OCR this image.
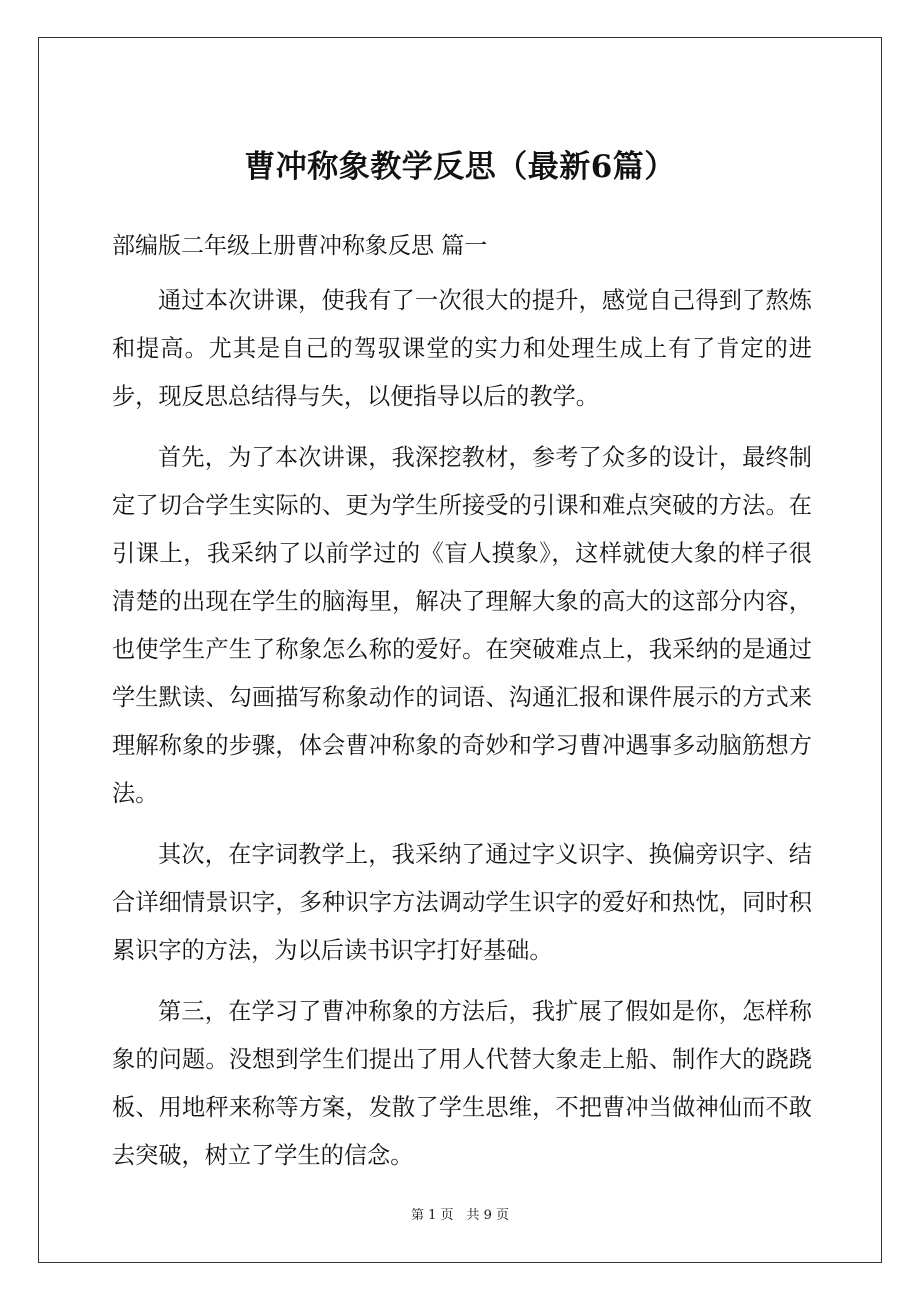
曹冲称象教学反思（最新6篇）
部编版二年级上册曹冲称象反思 篇一

通过本次讲课，使我有了一次很大的提升，感觉自己得到了熬炼和提高。尤其是自己的驾驭课堂的实力和处理生成上有了肯定的进步，现反思总结得与失，以便指导以后的教学。

首先，为了本次讲课，我深挖教材，参考了众多的设计，最终制定了切合学生实际的、更为学生所接受的引课和难点突破的方法。在引课上，我采纳了以前学过的《盲人摸象》，这样就使大象的样子很清楚的出现在学生的脑海里，解决了理解大象的高大的这部分内容，也使学生产生了称象怎么称的爱好。在突破难点上，我采纳的是通过学生默读、勾画描写称象动作的词语、沟通汇报和课件展示的方式来理解称象的步骤，体会曹冲称象的奇妙和学习曹冲遇事多动脑筋想方法。

其次，在字词教学上，我采纳了通过字义识字、换偏旁识字、结合详细情景识字，多种识字方法调动学生识字的爱好和热忱，同时积累识字的方法，为以后读书识字打好基础。

第三，在学习了曹冲称象的方法后，我扩展了假如是你，怎样称象的问题。没想到学生们提出了用人代替大象走上船、制作大的跷跷板、用地秤来称等方案，发散了学生思维，不把曹冲当做神仙而不敢去突破，树立了学生的信念。

第 1 页　共 9 页
